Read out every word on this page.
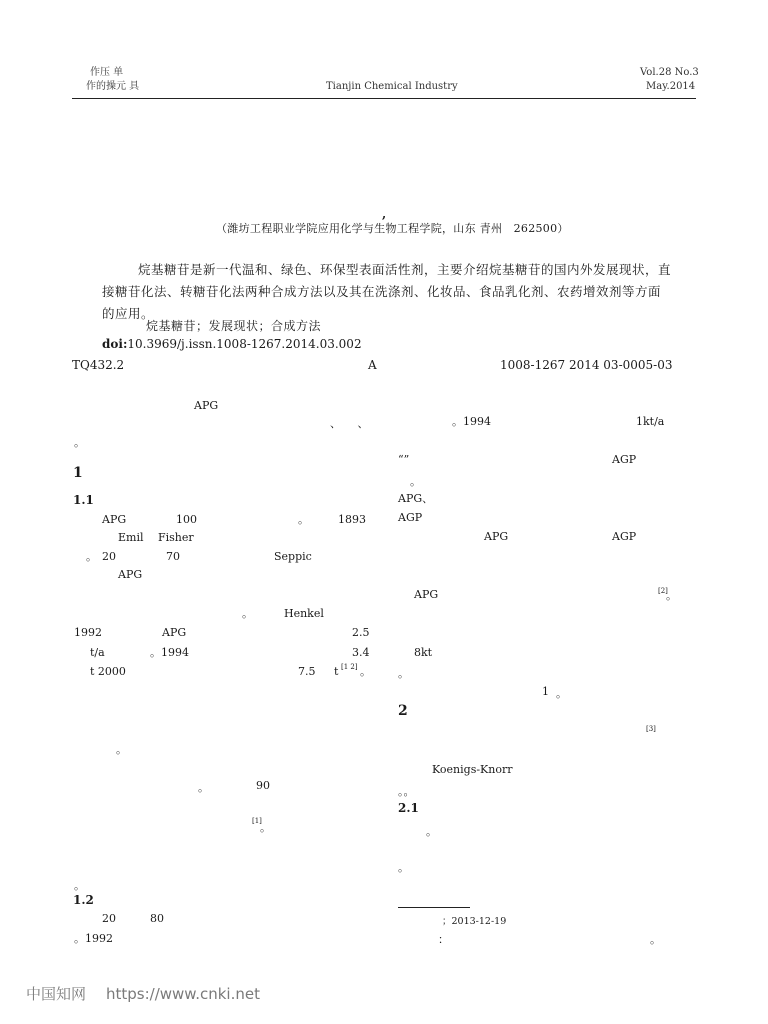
作压 单
作的操元 具	Tianjin Chemical Industry
Vol.28 No.3
May.2014
,
（潍坊工程职业学院应用化学与生物工程学院，山东 青州　262500）
烷基糖苷是新一代温和、绿色、环保型表面活性剂，主要介绍烷基糖苷的国内外发展现状，直接糖苷化法、转糖苷化法两种合成方法以及其在洗涤剂、化妆品、食品乳化剂、农药增效剂等方面的应用。
烷基糖苷；发展现状；合成方法
doi:10.3969/j.issn.1008-1267.2014.03.002
TQ432.2	A	1008-1267 2014 03-0005-03
APG
。
1
1.1
APG	100	。	1893
Emil Fisher
。 20	70	Seppic
APG
。	Henkel
1992	APG	2.5
t/a	。1994	3.4
t 2000	7.5 t [1 2] 。
。
。	90
[1]
。
。
1.2
20	80
。1992
、　　、	。1994	1kt/a
“”	AGP
。
APG、
AGP
APG	AGP
APG	[2]
。
8kt
。
1 。
2
[3]
Koenigs-Knorr
。。
2.1
。
。
；2013-12-19
：	。
中国知网 https://www.cnki.net
